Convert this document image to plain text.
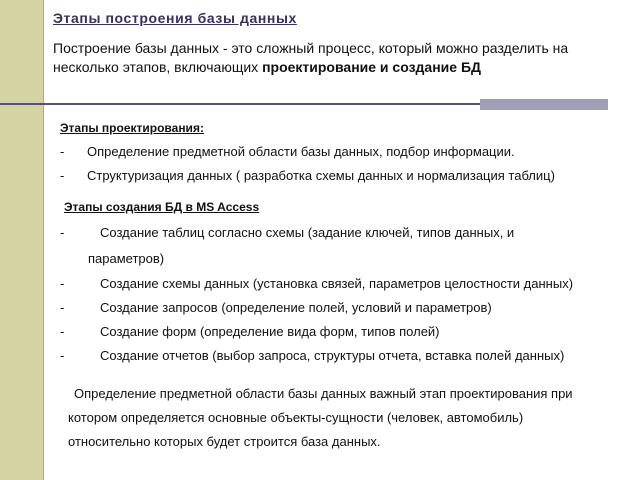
Этапы построения базы данных
Построение базы данных - это сложный процесс, который можно разделить на несколько этапов, включающих проектирование и создание БД
Этапы проектирования:
-	Определение предметной области базы данных, подбор информации.
-	Структуризация данных ( разработка схемы данных и нормализация таблиц)
Этапы создания БД в MS Access
-	Создание таблиц согласно схемы (задание ключей, типов данных, и параметров)
-	Создание схемы данных (установка связей, параметров целостности данных)
-	Создание запросов (определение полей, условий и параметров)
-	Создание форм (определение вида форм, типов полей)
-	Создание отчетов (выбор запроса, структуры отчета, вставка полей данных)
Определение предметной области базы данных важный этап проектирования при котором определяется основные объекты-сущности (человек, автомобиль) относительно которых будет строится база данных.
